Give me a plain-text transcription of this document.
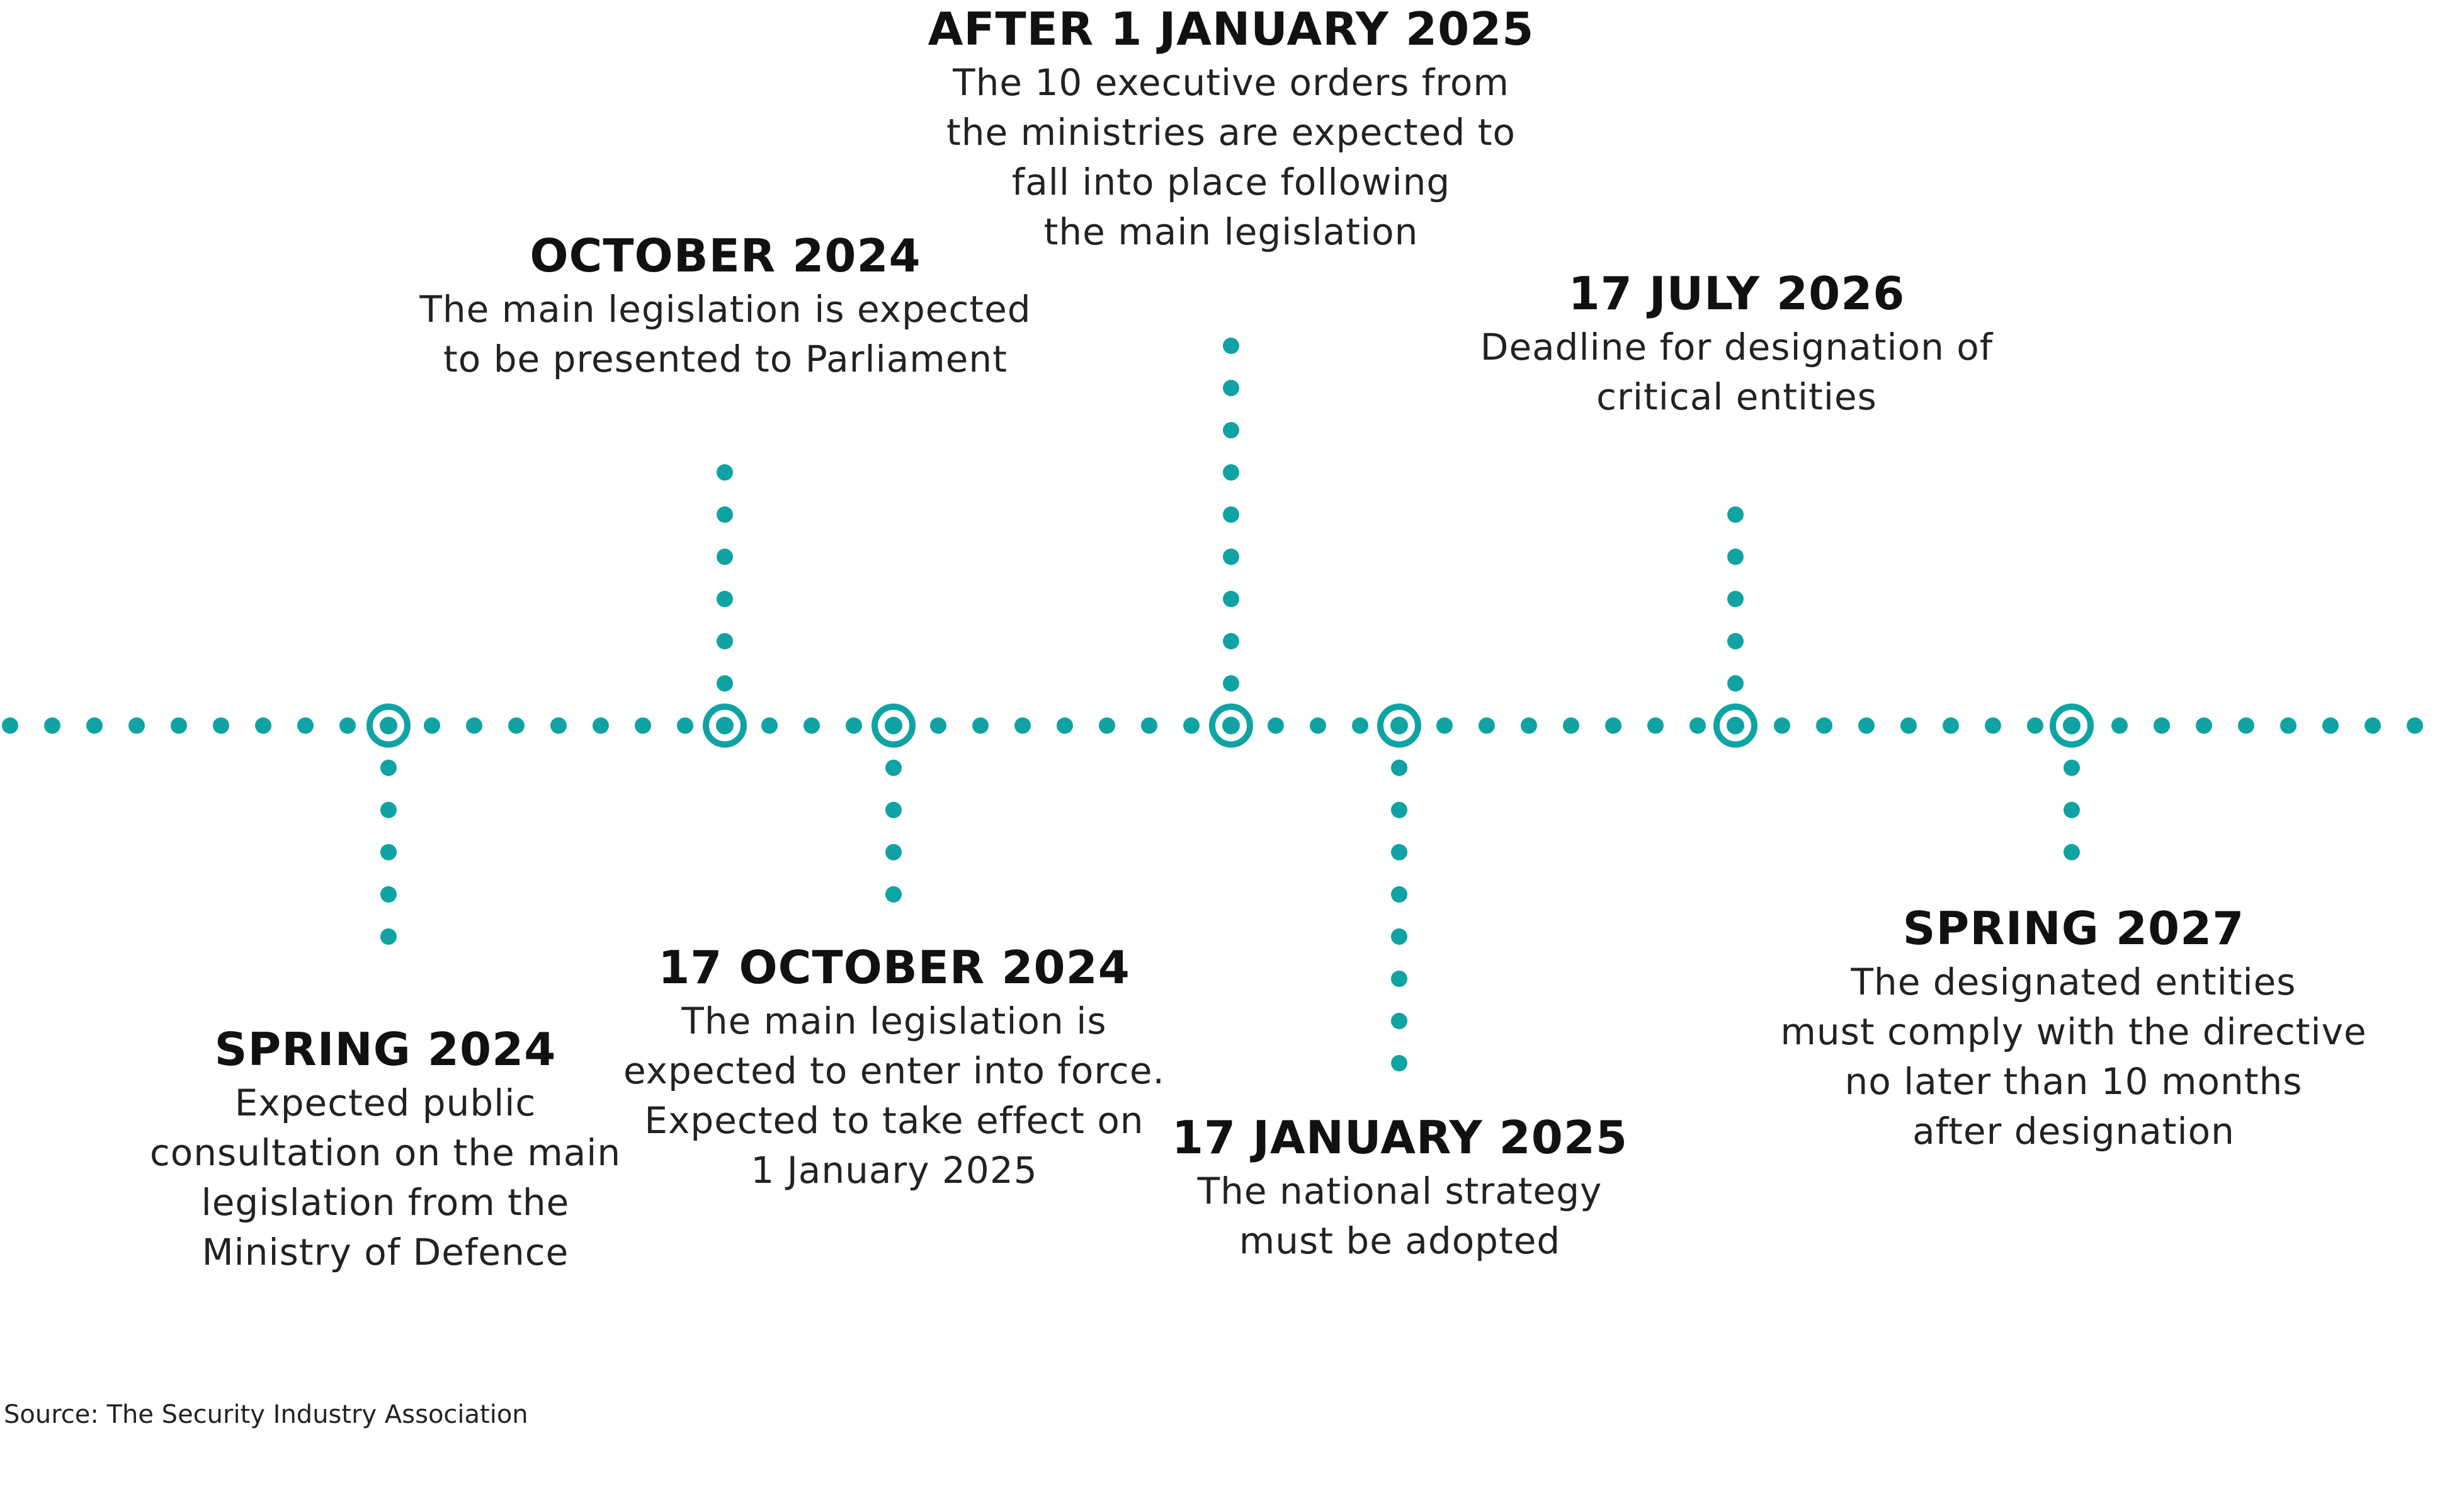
SPRING 2024
Expected public
consultation on the main
legislation from the
Ministry of Defence
OCTOBER 2024
The main legislation is expected
to be presented to Parliament
17 OCTOBER 2024
The main legislation is
expected to enter into force.
Expected to take effect on
1 January 2025
AFTER 1 JANUARY 2025
The 10 executive orders from
the ministries are expected to
fall into place following
the main legislation
17 JANUARY 2025
The national strategy
must be adopted
17 JULY 2026
Deadline for designation of
critical entities
SPRING 2027
The designated entities
must comply with the directive
no later than 10 months
after designation
Source: The Security Industry Association
